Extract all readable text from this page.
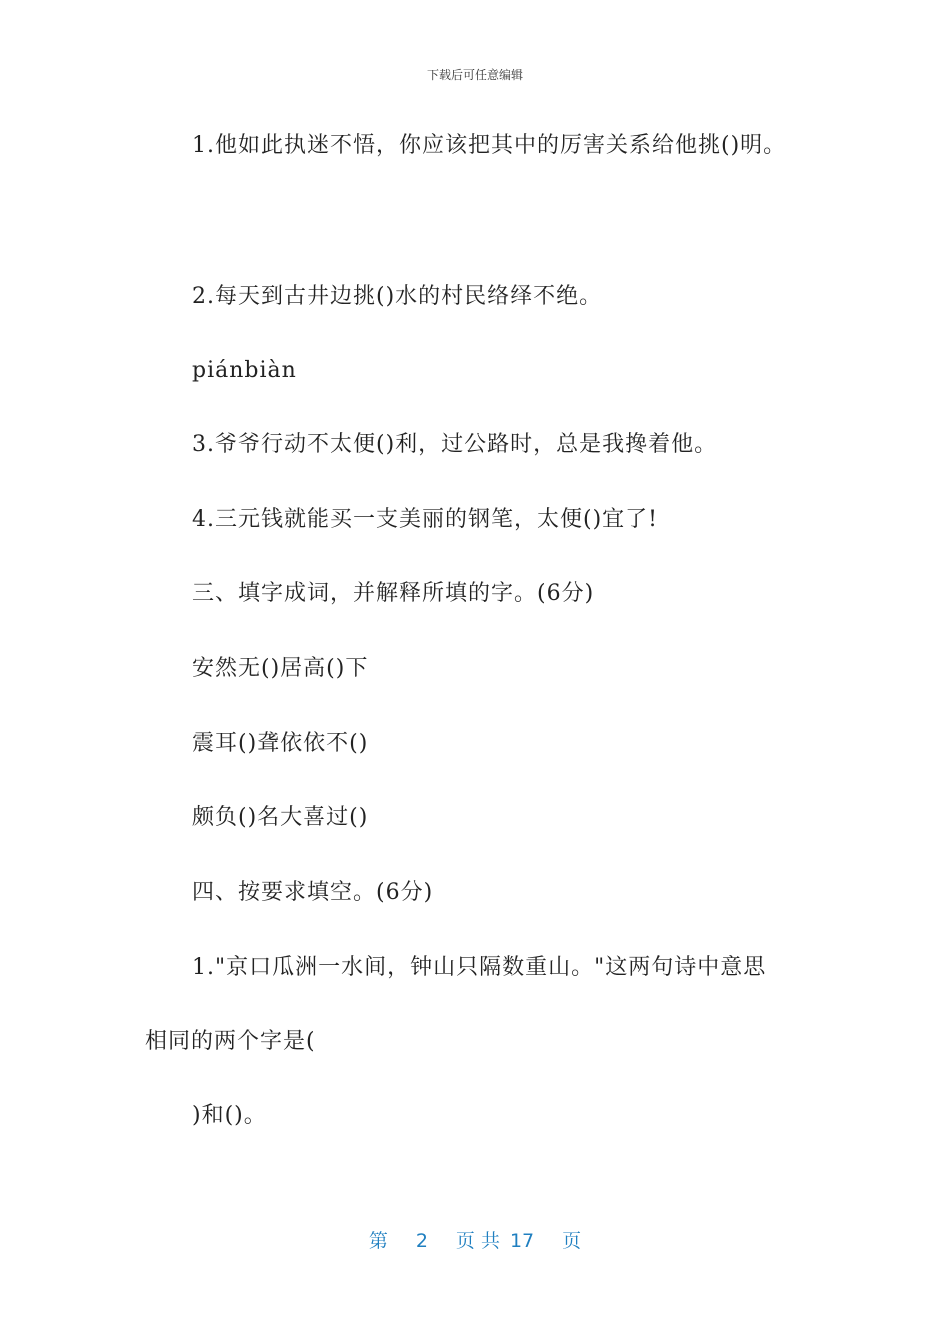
下载后可任意编辑
1.他如此执迷不悟，你应该把其中的厉害关系给他挑()明。
2.每天到古井边挑()水的村民络绎不绝。
piánbiàn
3.爷爷行动不太便()利，过公路时，总是我搀着他。
4.三元钱就能买一支美丽的钢笔，太便()宜了!
三、填字成词，并解释所填的字。(6分)
安然无()居高()下
震耳()聋依依不()
颇负()名大喜过()
四、按要求填空。(6分)
1."京口瓜洲一水间，钟山只隔数重山。"这两句诗中意思
相同的两个字是(
)和()。
第 2 页 共 17 页
